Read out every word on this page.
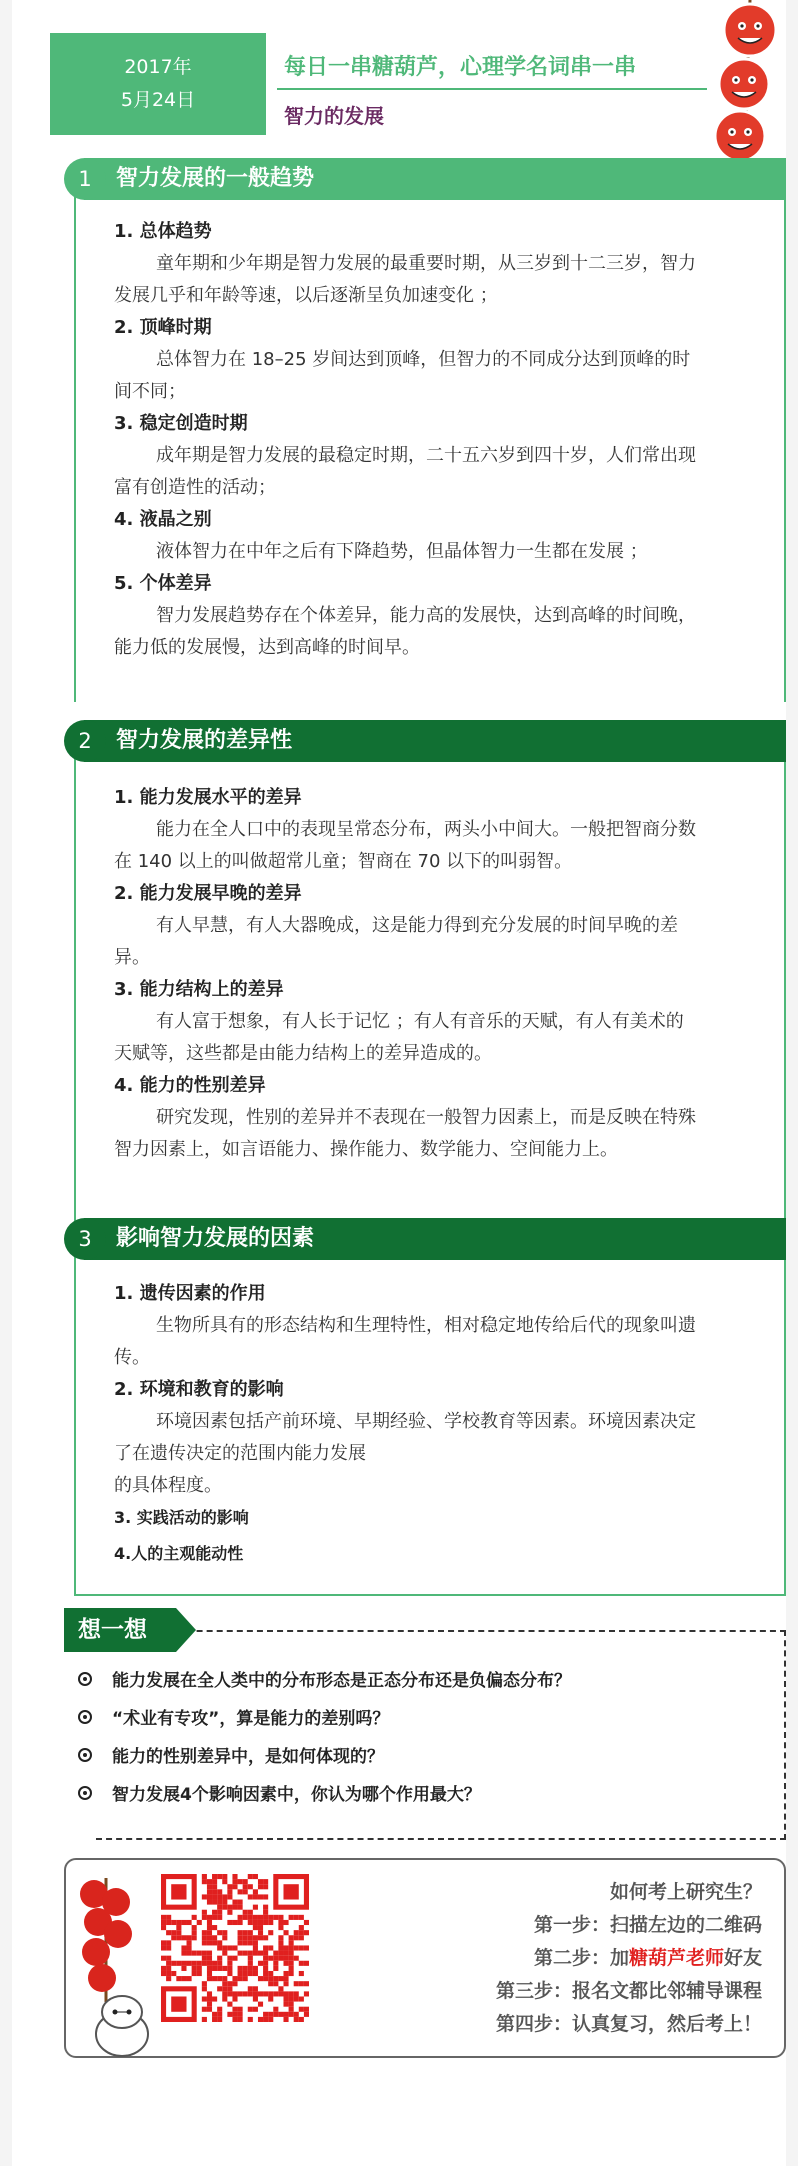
2017年
5月24日
每日一串糖葫芦，心理学名词串一串
智力的发展
1. 总体趋势

童年期和少年期是智力发展的最重要时期，从三岁到十二三岁，智力

发展几乎和年龄等速，以后逐渐呈负加速变化 ；

2. 顶峰时期

总体智力在 18–25 岁间达到顶峰，但智力的不同成分达到顶峰的时

间不同；

3. 稳定创造时期

成年期是智力发展的最稳定时期，二十五六岁到四十岁，人们常出现

富有创造性的活动；

4. 液晶之别

液体智力在中年之后有下降趋势，但晶体智力一生都在发展 ；

5. 个体差异

智力发展趋势存在个体差异，能力高的发展快，达到高峰的时间晚，

能力低的发展慢，达到高峰的时间早。

智力发展的一般趋势
1
1. 能力发展水平的差异

能力在全人口中的表现呈常态分布，两头小中间大。一般把智商分数

在 140 以上的叫做超常儿童；智商在 70 以下的叫弱智。

2. 能力发展早晚的差异

有人早慧，有人大器晚成，这是能力得到充分发展的时间早晚的差

异。

3. 能力结构上的差异

有人富于想象，有人长于记忆 ；有人有音乐的天赋，有人有美术的

天赋等，这些都是由能力结构上的差异造成的。

4. 能力的性别差异

研究发现，性别的差异并不表现在一般智力因素上，而是反映在特殊

智力因素上，如言语能力、操作能力、数学能力、空间能力上。

智力发展的差异性
2
1. 遗传因素的作用

生物所具有的形态结构和生理特性，相对稳定地传给后代的现象叫遗

传。

2. 环境和教育的影响

环境因素包括产前环境、早期经验、学校教育等因素。环境因素决定

了在遗传决定的范围内能力发展

的具体程度。

3. 实践活动的影响
4.人的主观能动性
影响智力发展的因素
3
想一想
能力发展在全人类中的分布形态是正态分布还是负偏态分布？
“术业有专攻”，算是能力的差别吗？
能力的性别差异中，是如何体现的？
智力发展4个影响因素中，你认为哪个作用最大？
如何考上研究生？
第一步：扫描左边的二维码
第二步：加糖葫芦老师好友
第三步：报名文都比邻辅导课程
第四步：认真复习，然后考上！
